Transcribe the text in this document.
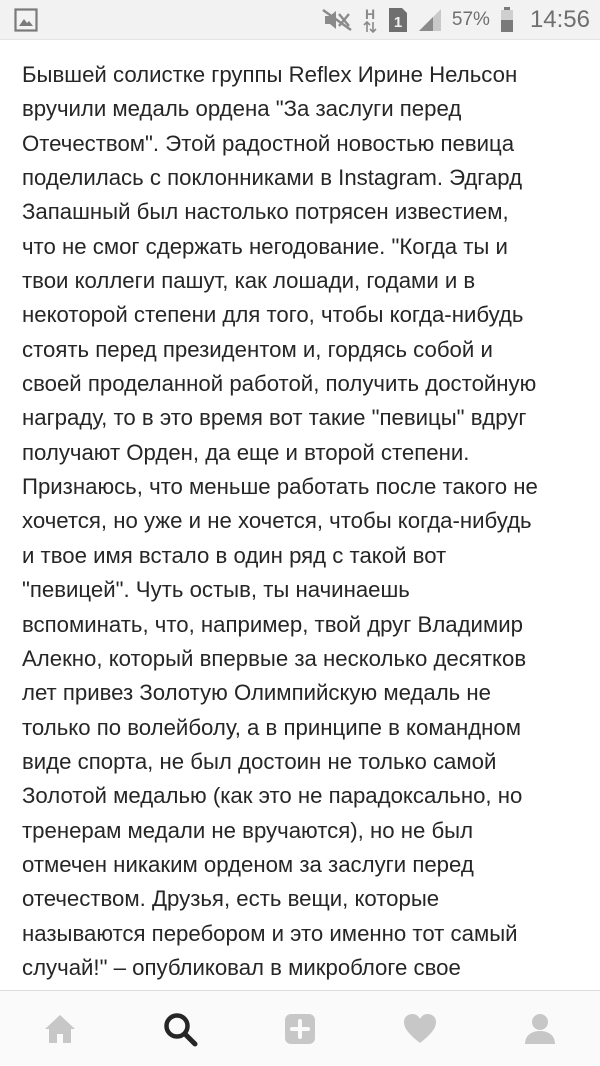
H 1	57% 14:56
Бывшей солистке группы Reflex Ирине Нельсон
вручили медаль ордена "За заслуги перед
Отечеством". Этой радостной новостью певица
поделилась с поклонниками в Instagram. Эдгард
Запашный был настолько потрясен известием,
что не смог сдержать негодование. "Когда ты и
твои коллеги пашут, как лошади, годами и в
некоторой степени для того, чтобы когда-нибудь
стоять перед президентом и, гордясь собой и
своей проделанной работой, получить достойную
награду, то в это время вот такие "певицы" вдруг
получают Орден, да еще и второй степени.
Признаюсь, что меньше работать после такого не
хочется, но уже и не хочется, чтобы когда-нибудь
и твое имя встало в один ряд с такой вот
"певицей". Чуть остыв, ты начинаешь
вспоминать, что, например, твой друг Владимир
Алекно, который впервые за несколько десятков
лет привез Золотую Олимпийскую медаль не
только по волейболу, а в принципе в командном
виде спорта, не был достоин не только самой
Золотой медалью (как это не парадоксально, но
тренерам медали не вручаются), но не был
отмечен никаким орденом за заслуги перед
отечеством. Друзья, есть вещи, которые
называются перебором и это именно тот самый
случай!" – опубликовал в микроблоге свое
